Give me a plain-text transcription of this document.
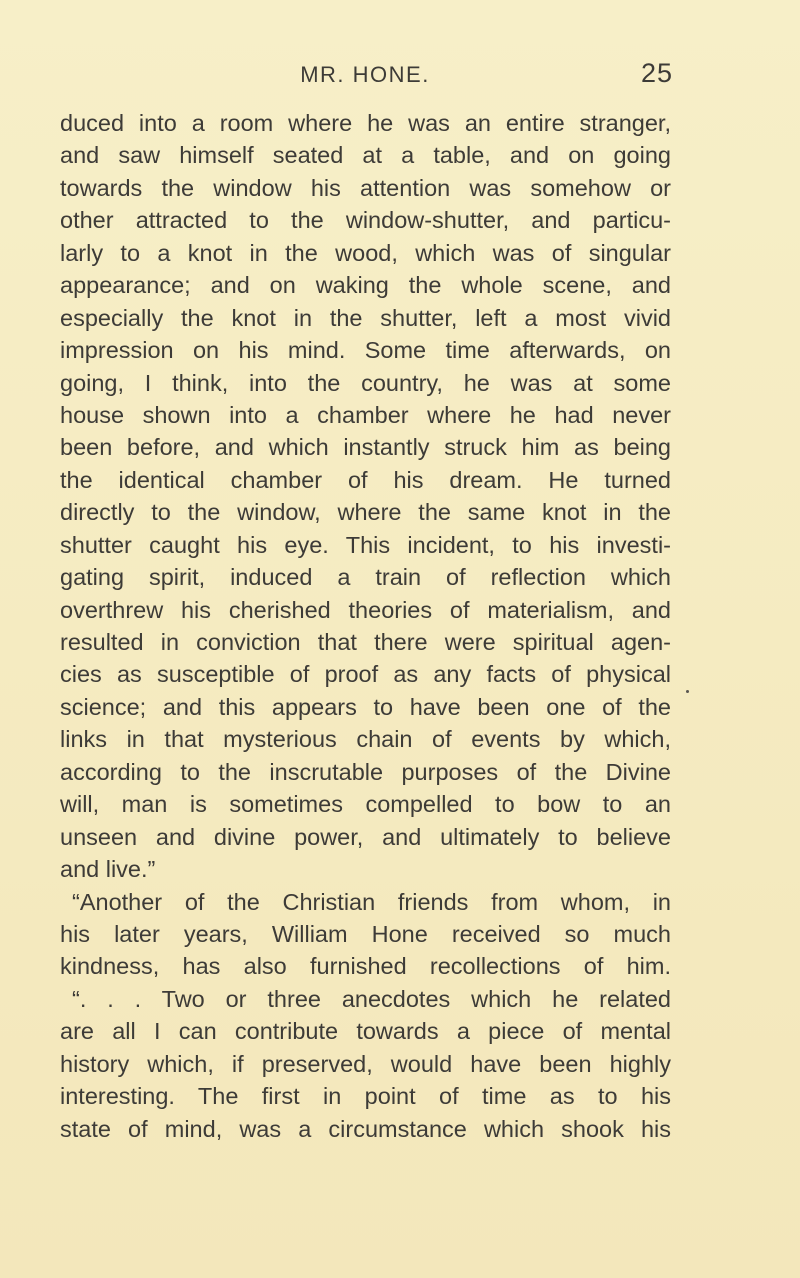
MR. HONE.	25
duced into a room where he was an entire stranger,
and saw himself seated at a table, and on going
towards the window his attention was somehow or
other attracted to the window-shutter, and particu-
larly to a knot in the wood, which was of singular
appearance; and on waking the whole scene, and
especially the knot in the shutter, left a most vivid
impression on his mind. Some time afterwards, on
going, I think, into the country, he was at some
house shown into a chamber where he had never
been before, and which instantly struck him as being
the identical chamber of his dream. He turned
directly to the window, where the same knot in the
shutter caught his eye. This incident, to his investi-
gating spirit, induced a train of reflection which
overthrew his cherished theories of materialism, and
resulted in conviction that there were spiritual agen-
cies as susceptible of proof as any facts of physical
science; and this appears to have been one of the
links in that mysterious chain of events by which,
according to the inscrutable purposes of the Divine
will, man is sometimes compelled to bow to an
unseen and divine power, and ultimately to believe
and live.”
“Another of the Christian friends from whom, in
his later years, William Hone received so much
kindness, has also furnished recollections of him.
“. . . Two or three anecdotes which he related
are all I can contribute towards a piece of mental
history which, if preserved, would have been highly
interesting. The first in point of time as to his
state of mind, was a circumstance which shook his
